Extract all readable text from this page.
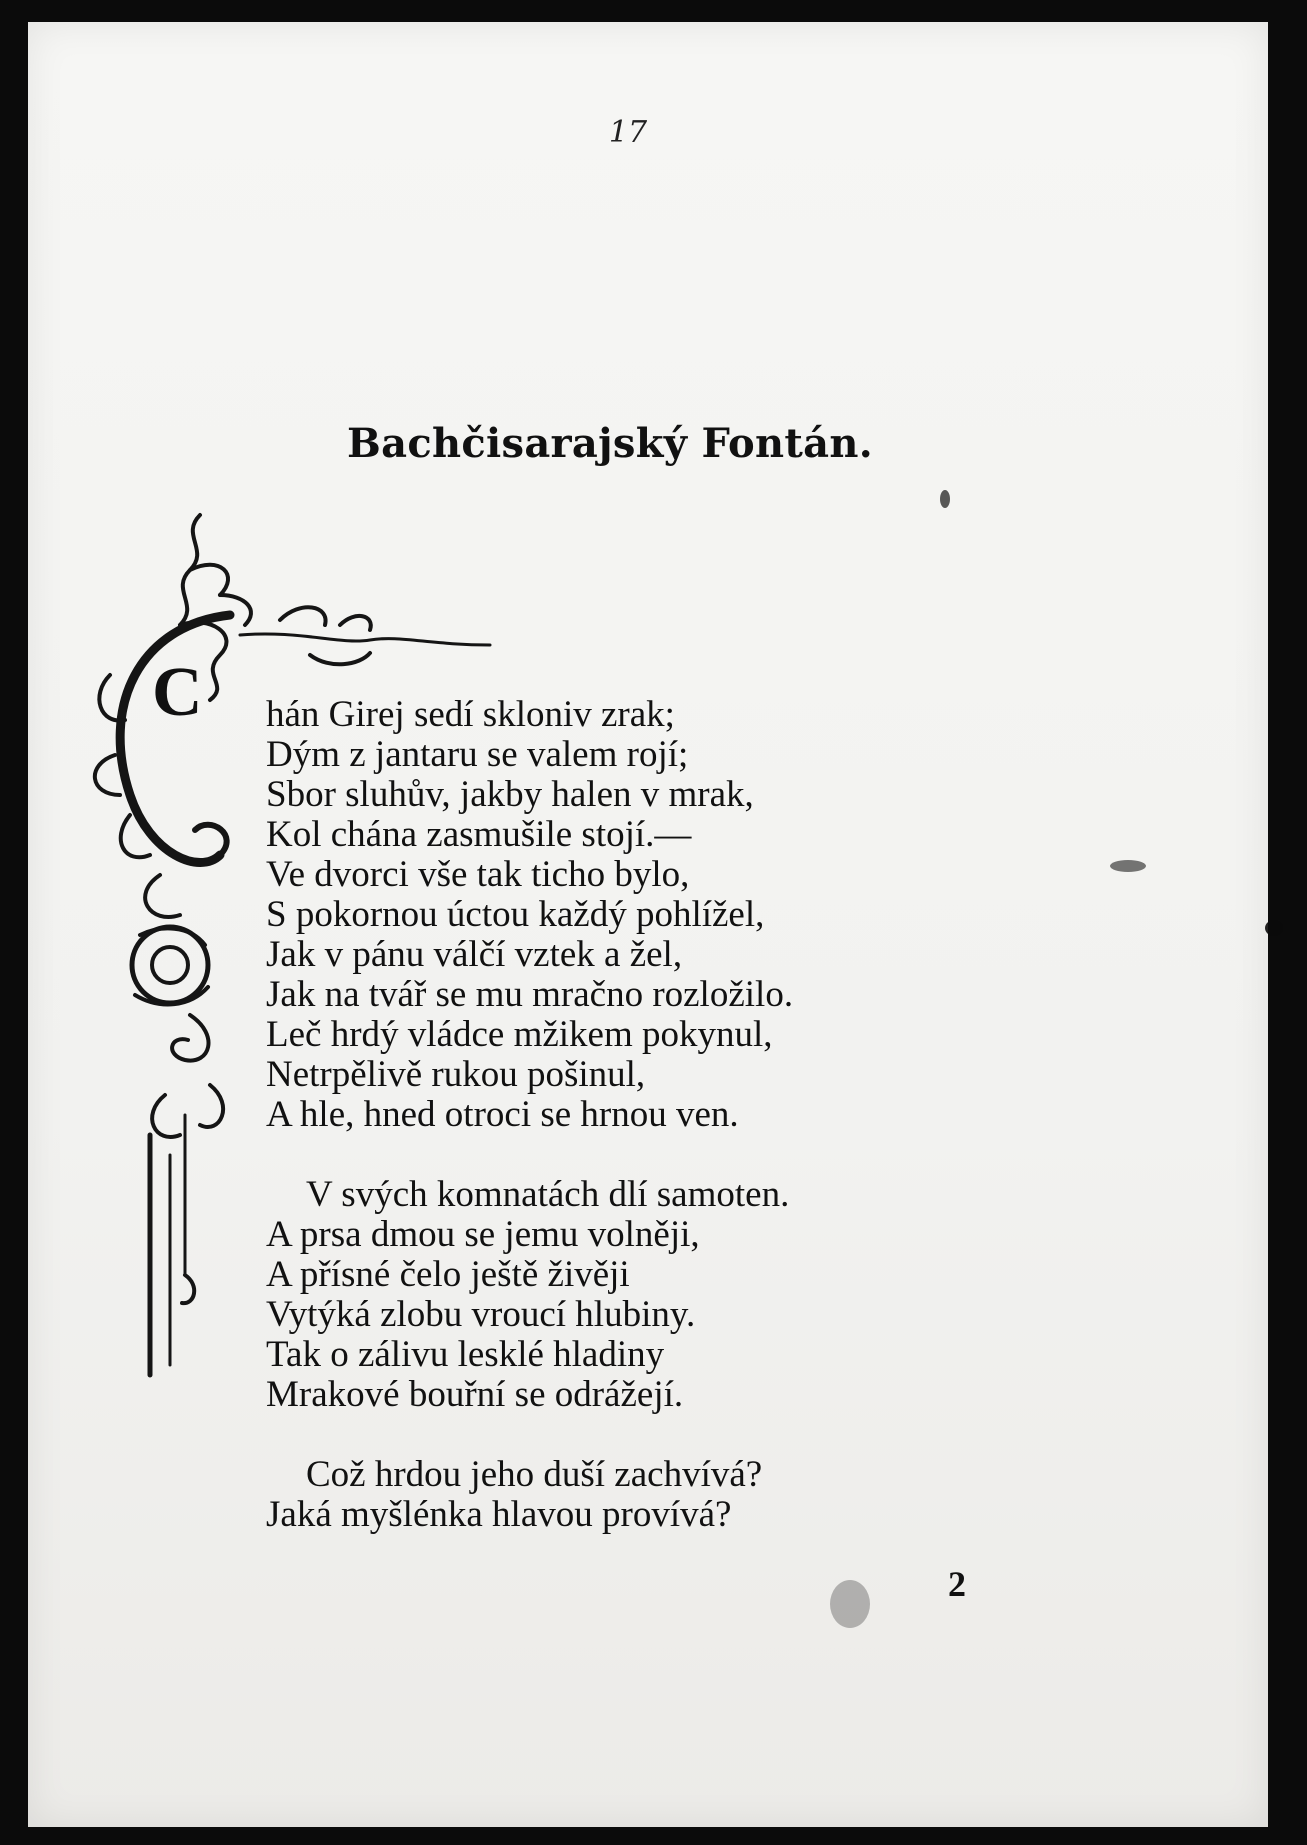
17
Bachčisarajský Fontán.
C hán Girej sedí skloniv zrak;
Dým z jantaru se valem rojí;
Sbor sluhův, jakby halen v mrak,
Kol chána zasmušile stojí.—
Ve dvorci vše tak ticho bylo,
S pokornou úctou každý pohlížel,
Jak v pánu válčí vztek a žel,
Jak na tvář se mu mračno rozložilo.
Leč hrdý vládce mžikem pokynul,
Netrpělivě rukou pošinul,
A hle, hned otroci se hrnou ven.
V svých komnatách dlí samoten.
A prsa dmou se jemu volněji,
A přísné čelo ještě živěji
Vytýká zlobu vroucí hlubiny.
Tak o zálivu lesklé hladiny
Mrakové bouřní se odrážejí.
Což hrdou jeho duší zachvívá?
Jaká myšlénka hlavou provívá?
2
